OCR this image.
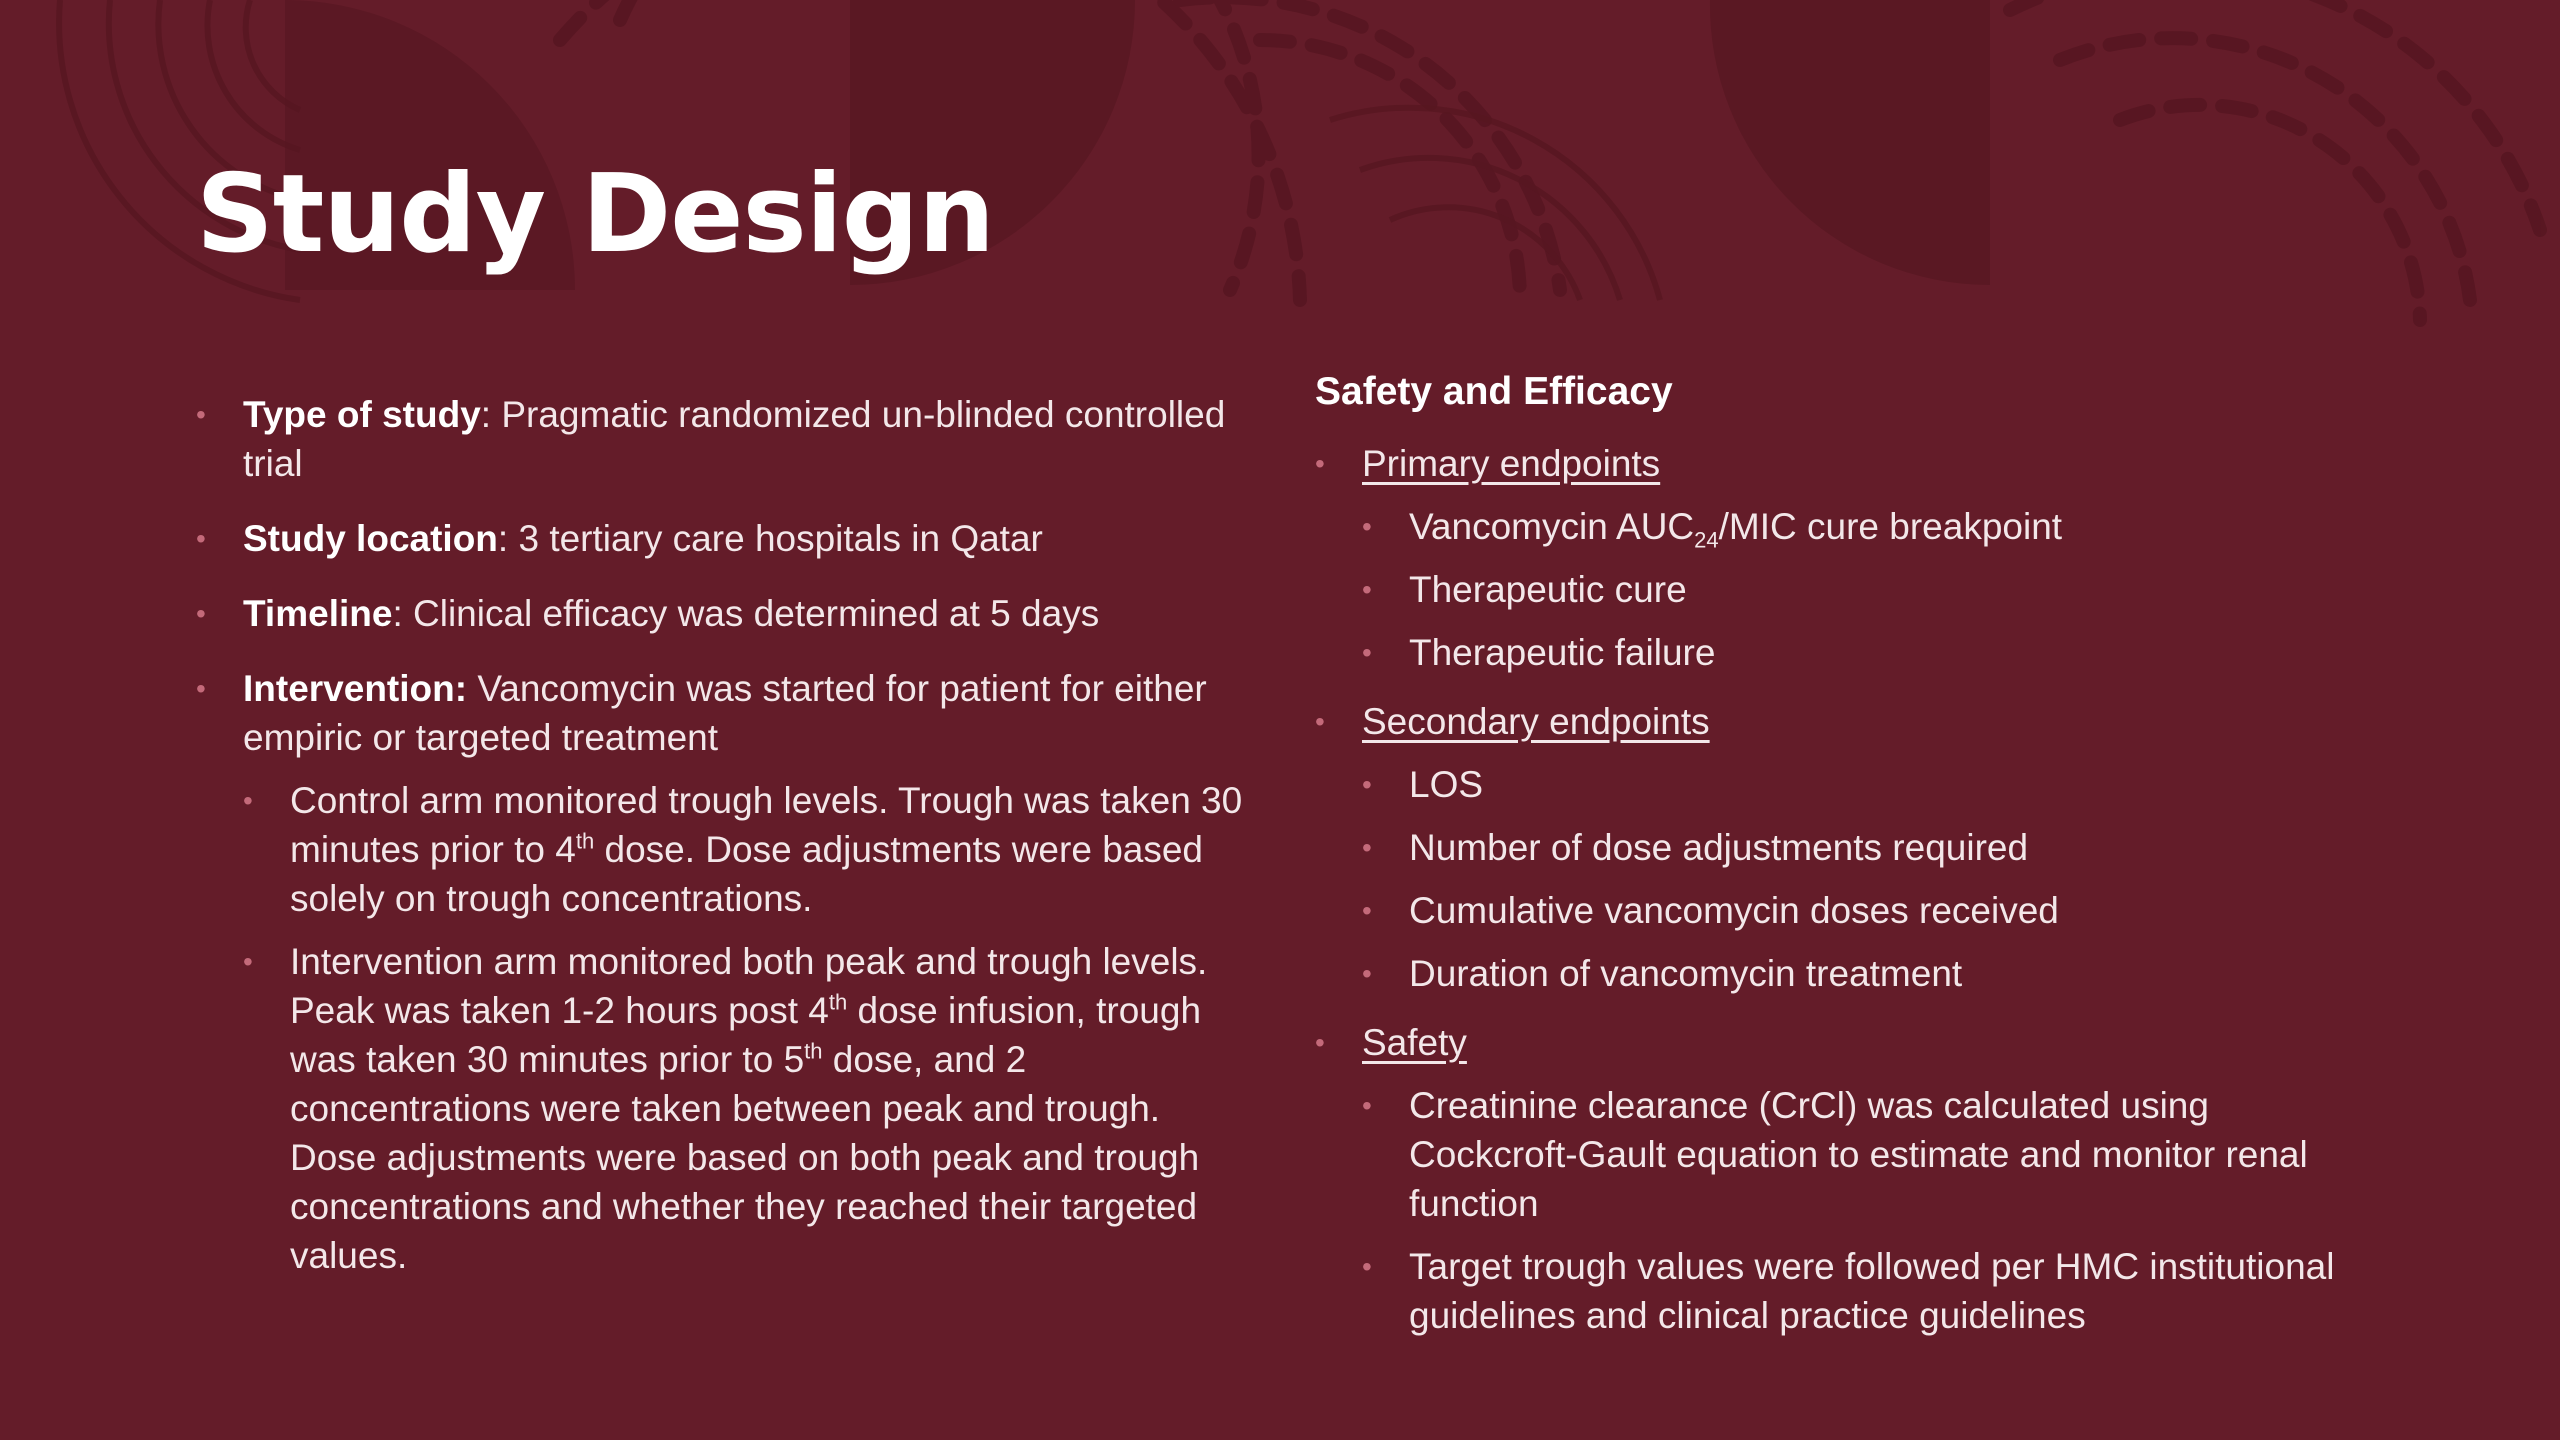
Study Design
• Type of study: Pragmatic randomized un-blinded controlled trial
• Study location: 3 tertiary care hospitals in Qatar
• Timeline: Clinical efficacy was determined at 5 days
• Intervention: Vancomycin was started for patient for either empiric or targeted treatment
• Control arm monitored trough levels. Trough was taken 30 minutes prior to 4th dose. Dose adjustments were based solely on trough concentrations.
• Intervention arm monitored both peak and trough levels. Peak was taken 1-2 hours post 4th dose infusion, trough was taken 30 minutes prior to 5th dose, and 2 concentrations were taken between peak and trough. Dose adjustments were based on both peak and trough concentrations and whether they reached their targeted values.
Safety and Efficacy
• Primary endpoints
• Vancomycin $AUC_{24}$/MIC cure breakpoint
• Therapeutic cure
• Therapeutic failure
• Secondary endpoints
• LOS
• Number of dose adjustments required
• Cumulative vancomycin doses received
• Duration of vancomycin treatment
• Safety
• Creatinine clearance (CrCl) was calculated using Cockcroft-Gault equation to estimate and monitor renal function
• Target trough values were followed per HMC institutional guidelines and clinical practice guidelines
